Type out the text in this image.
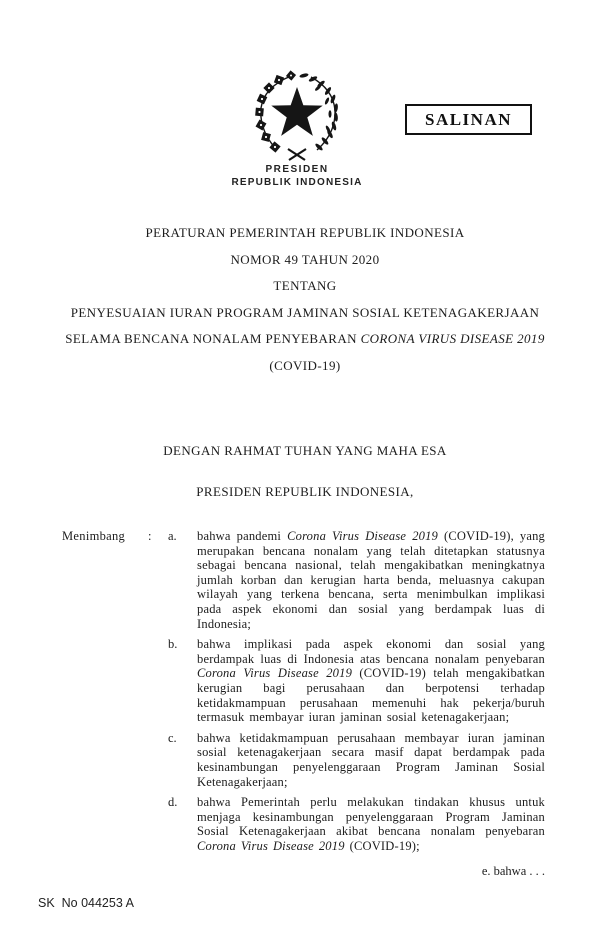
PRESIDEN
REPUBLIK INDONESIA
SALINAN
PERATURAN PEMERINTAH REPUBLIK INDONESIA
NOMOR 49 TAHUN 2020
TENTANG
PENYESUAIAN IURAN PROGRAM JAMINAN SOSIAL KETENAGAKERJAAN
SELAMA BENCANA NONALAM PENYEBARAN CORONA VIRUS DISEASE 2019
(COVID-19)
DENGAN RAHMAT TUHAN YANG MAHA ESA
PRESIDEN REPUBLIK INDONESIA,
Menimbang : a.	bahwa pandemi Corona Virus Disease 2019 (COVID-19), yang merupakan bencana nonalam yang telah ditetapkan statusnya sebagai bencana nasional, telah mengakibatkan meningkatnya jumlah korban dan kerugian harta benda, meluasnya cakupan wilayah yang terkena bencana, serta menimbulkan implikasi pada aspek ekonomi dan sosial yang berdampak luas di Indonesia;
b.	bahwa implikasi pada aspek ekonomi dan sosial yang berdampak luas di Indonesia atas bencana nonalam penyebaran Corona Virus Disease 2019 (COVID-19) telah mengakibatkan kerugian bagi perusahaan dan berpotensi terhadap ketidakmampuan perusahaan memenuhi hak pekerja/buruh termasuk membayar iuran jaminan sosial ketenagakerjaan;
c.	bahwa ketidakmampuan perusahaan membayar iuran jaminan sosial ketenagakerjaan secara masif dapat berdampak pada kesinambungan penyelenggaraan Program Jaminan Sosial Ketenagakerjaan;
d.	bahwa Pemerintah perlu melakukan tindakan khusus untuk menjaga kesinambungan penyelenggaraan Program Jaminan Sosial Ketenagakerjaan akibat bencana nonalam penyebaran Corona Virus Disease 2019 (COVID-19);
e. bahwa . . .
SK  No 044253 A
